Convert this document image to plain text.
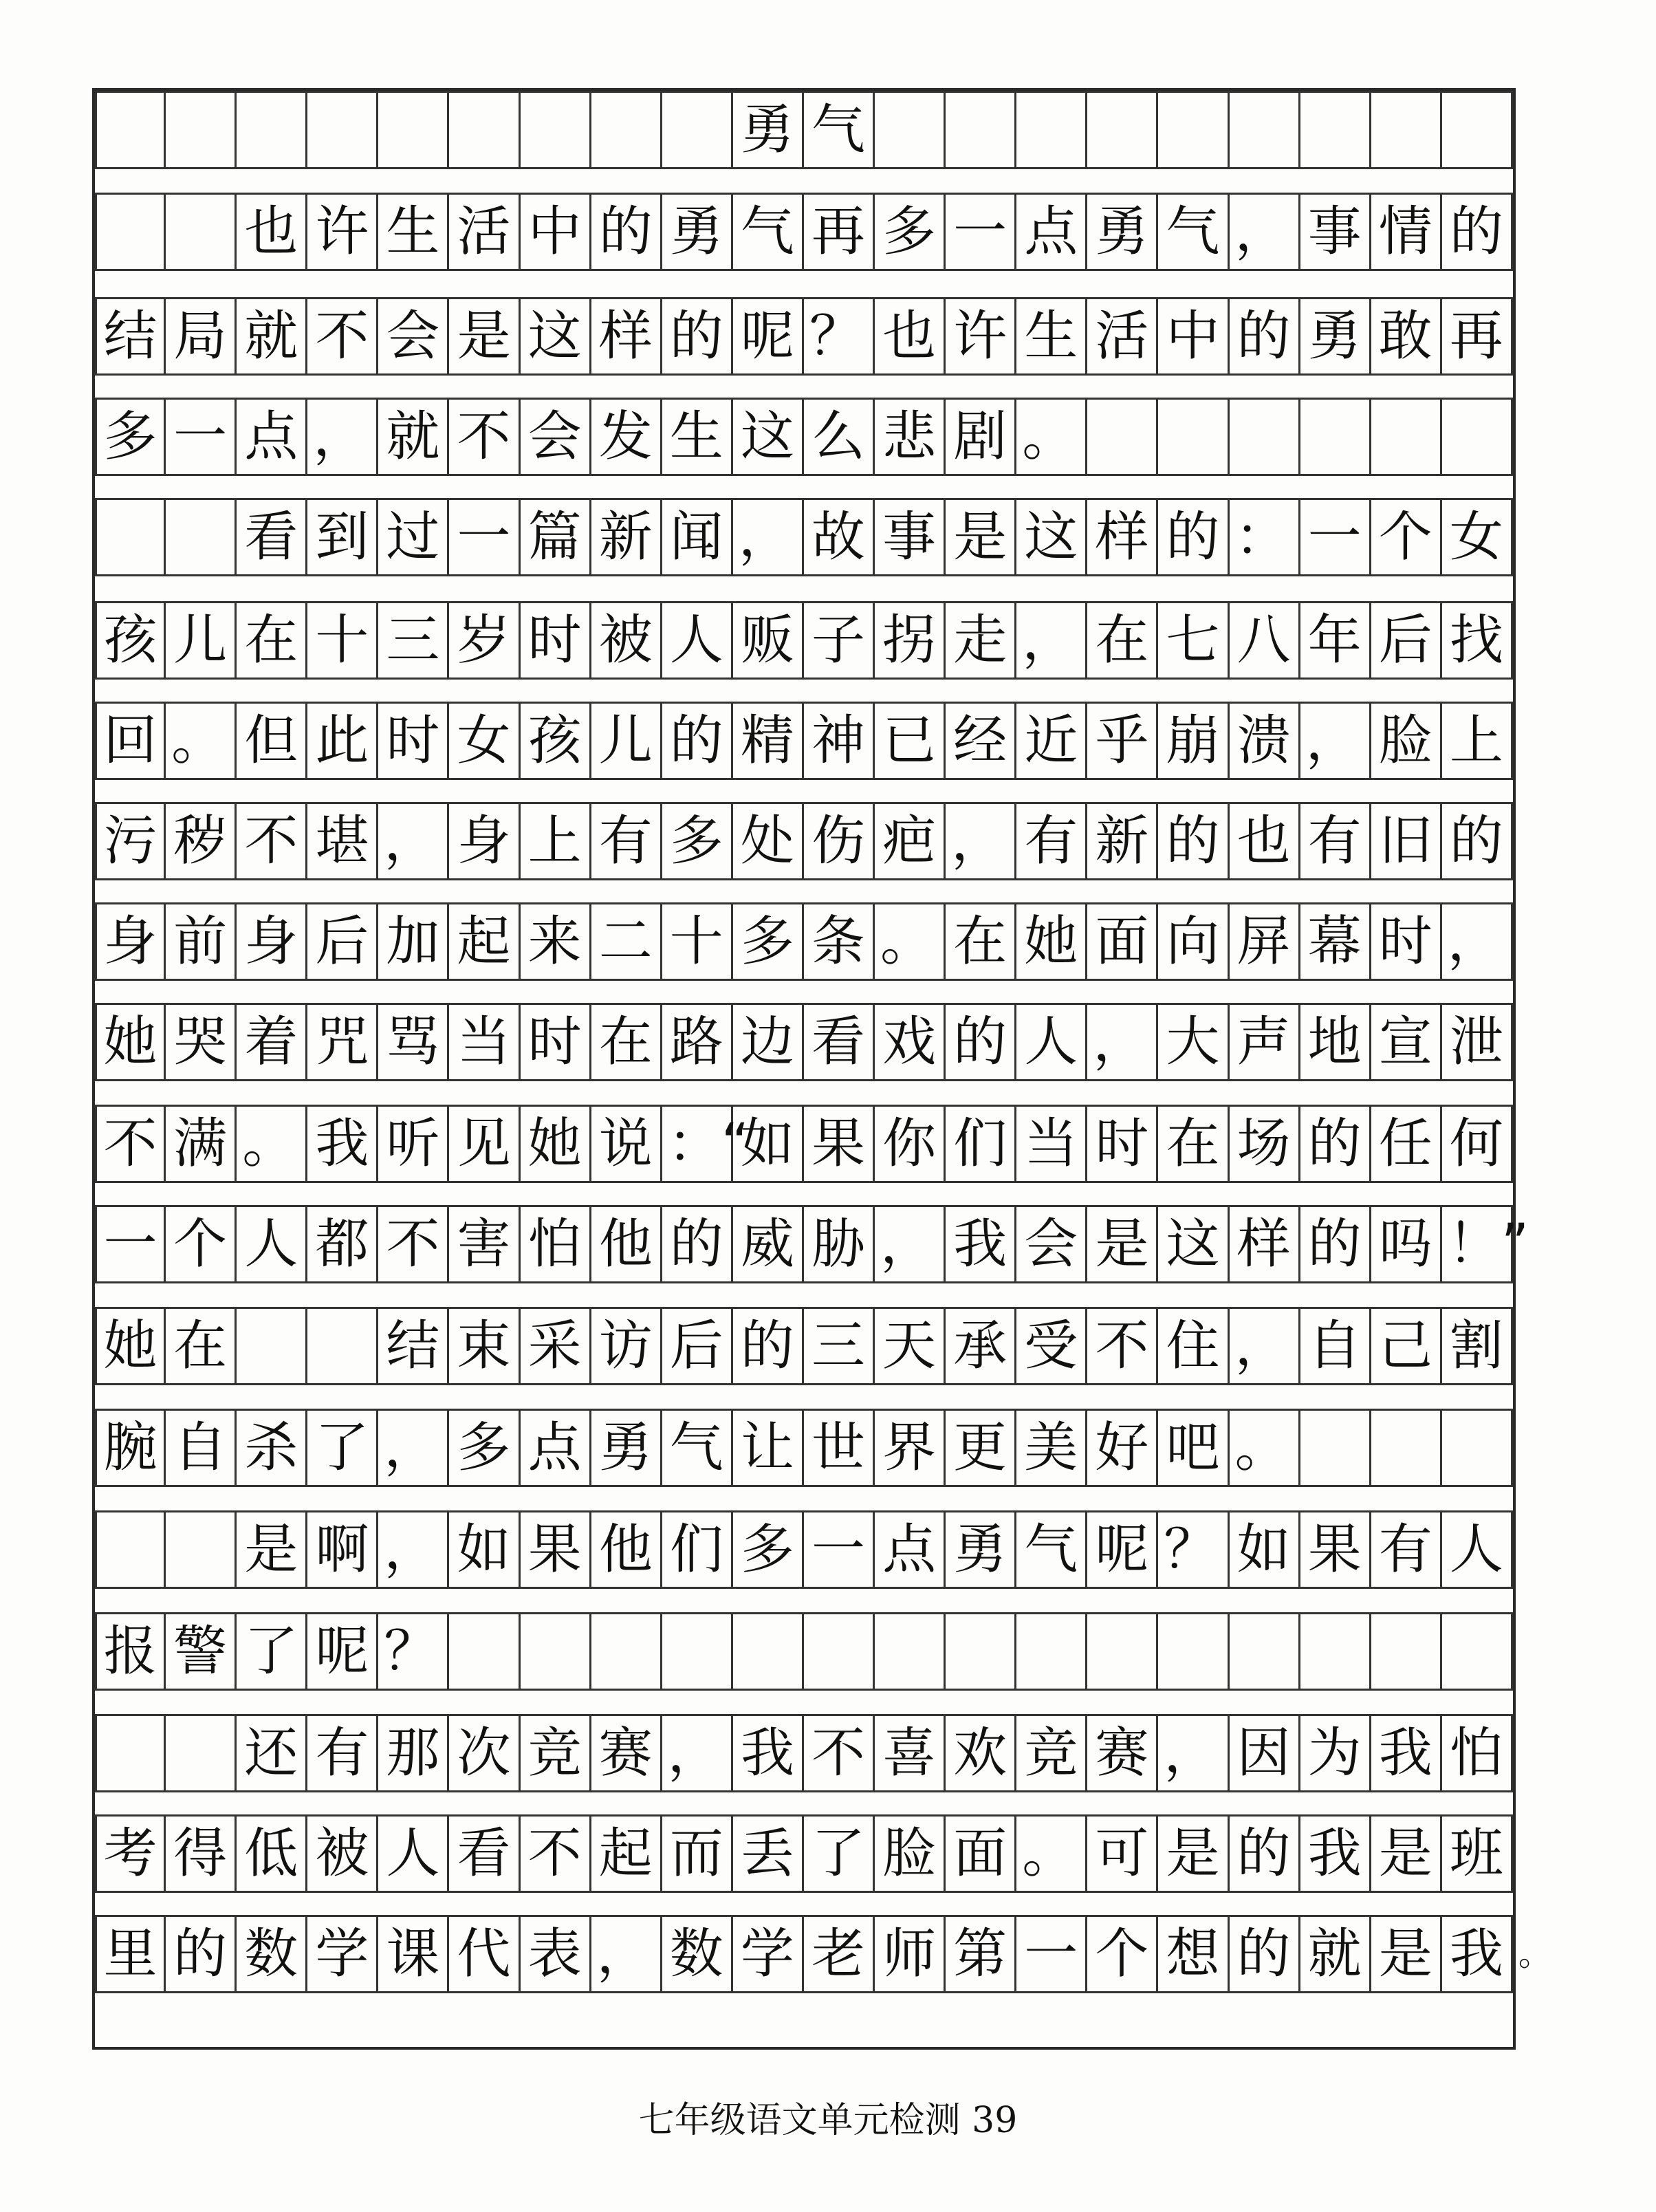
勇 气
也 许 生 活 中 的 勇 气 再 多 一 点 勇 气 ， 事 情 的
结 局 就 不 会 是 这 样 的 呢 ？ 也 许 生 活 中 的 勇 敢 再
多 一 点 ， 就 不 会 发 生 这 么 悲 剧 。
看 到 过 一 篇 新 闻 ， 故 事 是 这 样 的 ： 一 个 女
孩 儿 在 十 三 岁 时 被 人 贩 子 拐 走 ， 在 七 八 年 后 找
回 。 但 此 时 女 孩 儿 的 精 神 已 经 近 乎 崩 溃 ， 脸 上
污 秽 不 堪 ， 身 上 有 多 处 伤 疤 ， 有 新 的 也 有 旧 的
身 前 身 后 加 起 来 二 十 多 条 。 在 她 面 向 屏 幕 时 ，
她 哭 着 咒 骂 当 时 在 路 边 看 戏 的 人 ， 大 声 地 宣 泄
不 满 。 我 听 见 她 说 ：“
如 果 你 们 当 时 在 场 的 任 何
一 个 人 都 不 害 怕 他 的 威 胁 ， 我 会 是 这 样 的 吗 ！”
她 在	结 束 采 访 后 的 三 天 承 受 不 住 ， 自 己 割
腕 自 杀 了 ， 多 点 勇 气 让 世 界 更 美 好 吧 。
是 啊 ， 如 果 他 们 多 一 点 勇 气 呢 ？ 如 果 有 人
报 警 了 呢 ？
还 有 那 次 竞 赛 ， 我 不 喜 欢 竞 赛 ， 因 为 我 怕
考 得 低 被 人 看 不 起 而 丢 了 脸 面 。 可 是 的 我 是 班
里 的 数 学 课 代 表 ， 数 学 老 师 第 一 个 想 的 就 是 我 。
七年级语文单元检测 39
